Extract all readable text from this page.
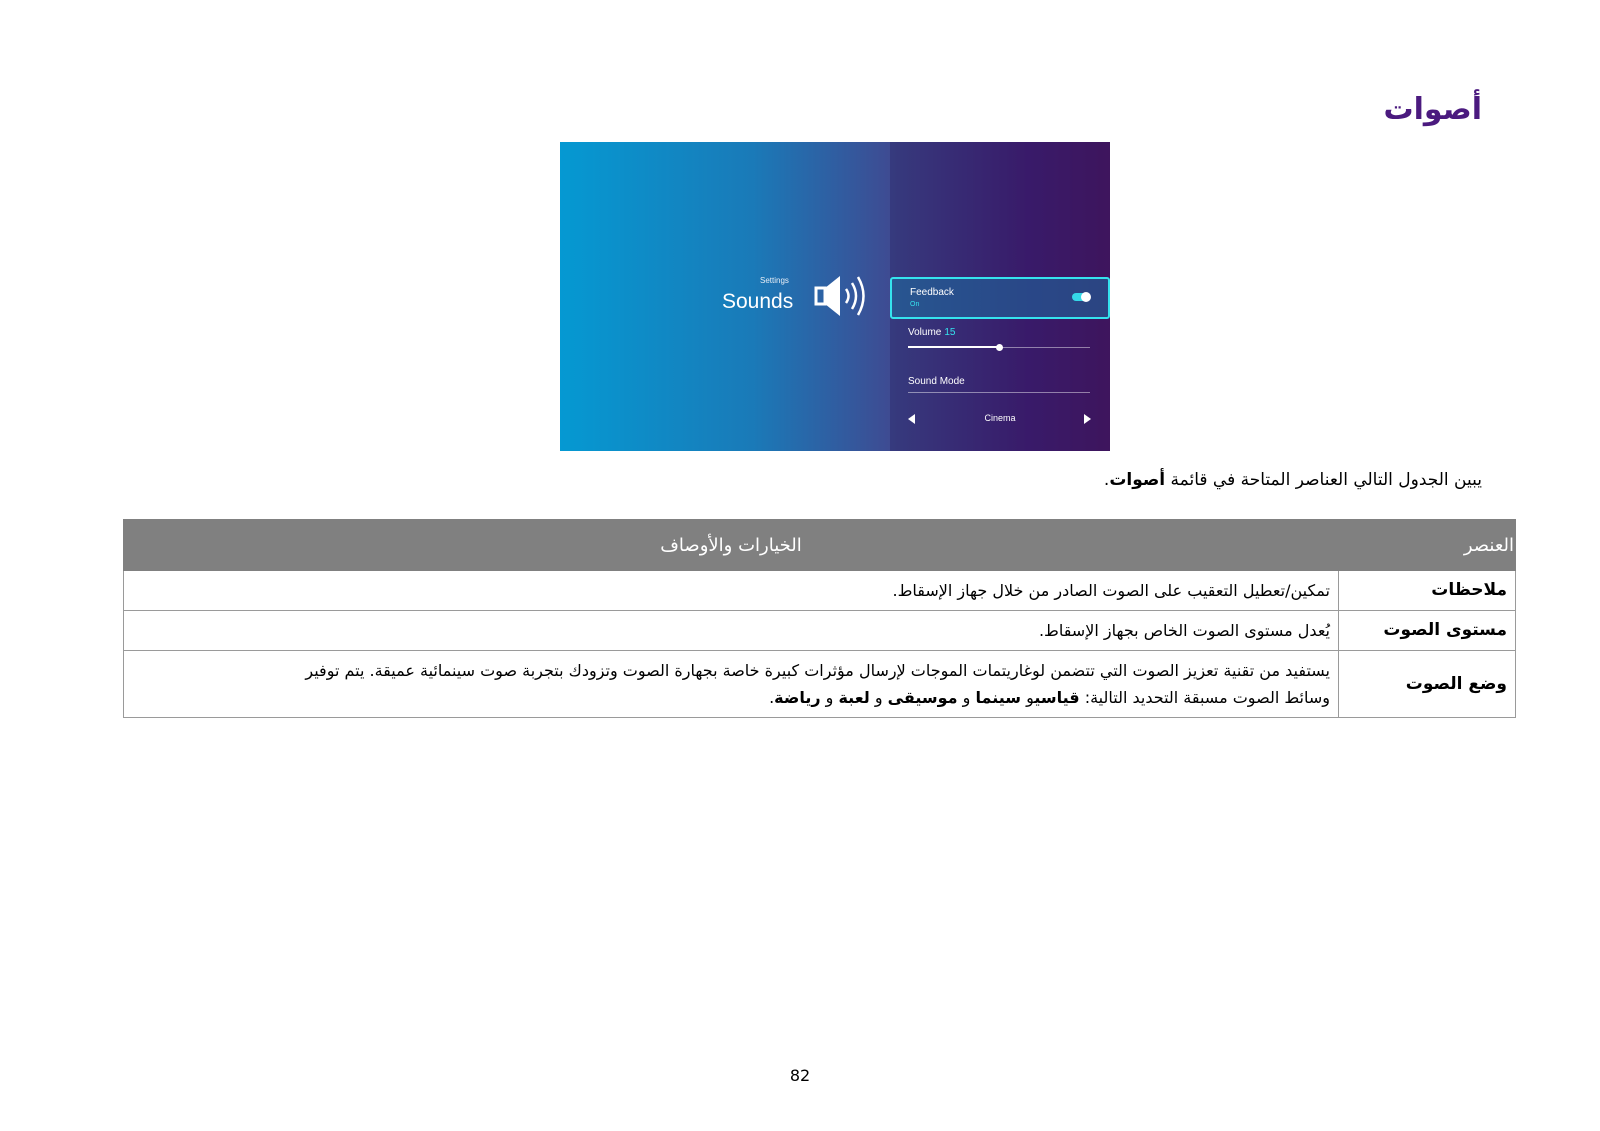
أصوات
Settings
Sounds	Feedback
On
Volume 15
Sound Mode
Cinema

يبين الجدول التالي العناصر المتاحة في قائمة أصوات.

العنصر	الخيارات والأوصاف
ملاحظات	تمكين/تعطيل التعقيب على الصوت الصادر من خلال جهاز الإسقاط.
مستوى الصوت	يُعدل مستوى الصوت الخاص بجهاز الإسقاط.
وضع الصوت	يستفيد من تقنية تعزيز الصوت التي تتضمن لوغاريتمات الموجات لإرسال مؤثرات كبيرة خاصة بجهارة الصوت وتزودك بتجربة صوت سينمائية عميقة. يتم توفير
وسائط الصوت مسبقة التحديد التالية: قياسيو سينما و موسيقى و لعبة و رياضة.
82
